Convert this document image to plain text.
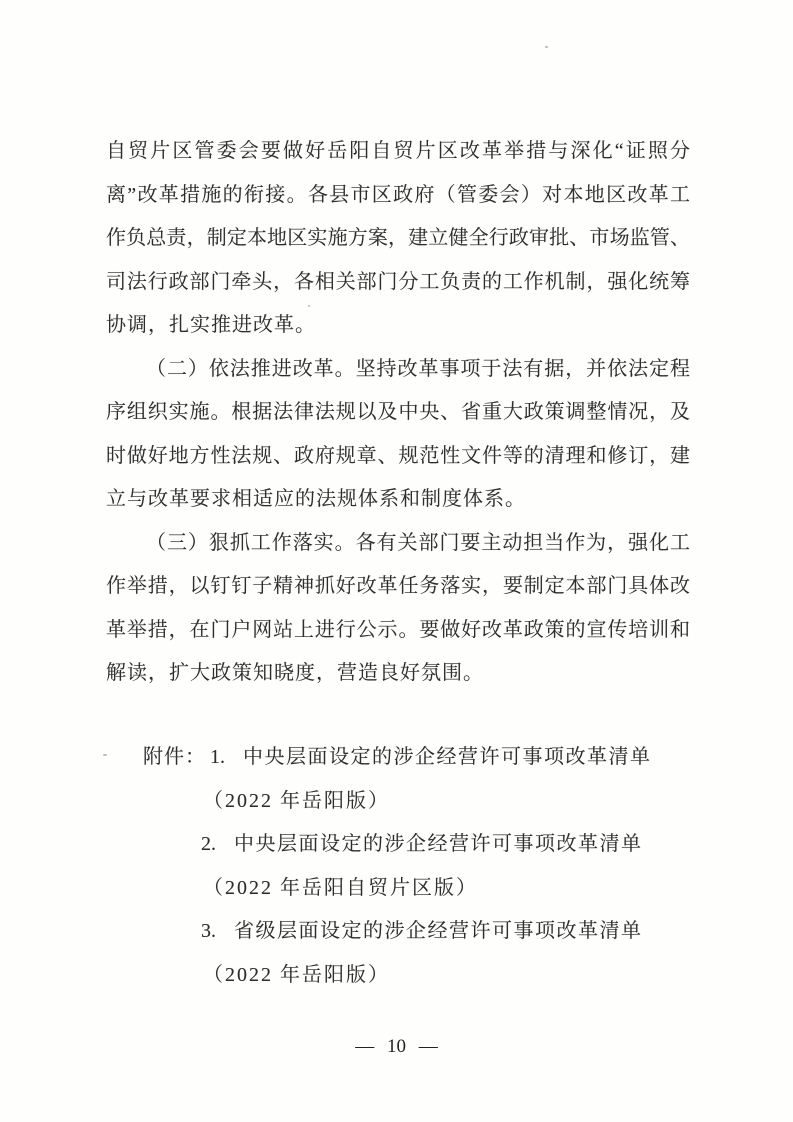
自贸片区管委会要做好岳阳自贸片区改革举措与深化“证照分
离”改革措施的衔接。各县市区政府（管委会）对本地区改革工
作负总责，制定本地区实施方案，建立健全行政审批、市场监管、
司法行政部门牵头，各相关部门分工负责的工作机制，强化统筹
协调，扎实推进改革。
（二）依法推进改革。坚持改革事项于法有据，并依法定程
序组织实施。根据法律法规以及中央、省重大政策调整情况，及
时做好地方性法规、政府规章、规范性文件等的清理和修订，建
立与改革要求相适应的法规体系和制度体系。
（三）狠抓工作落实。各有关部门要主动担当作为，强化工
作举措，以钉钉子精神抓好改革任务落实，要制定本部门具体改
革举措，在门户网站上进行公示。要做好改革政策的宣传培训和
解读，扩大政策知晓度，营造良好氛围。
附件： 1. 中央层面设定的涉企经营许可事项改革清单
（2022 年岳阳版）
2. 中央层面设定的涉企经营许可事项改革清单
（2022 年岳阳自贸片区版）
3. 省级层面设定的涉企经营许可事项改革清单
（2022 年岳阳版）
— 10 —
